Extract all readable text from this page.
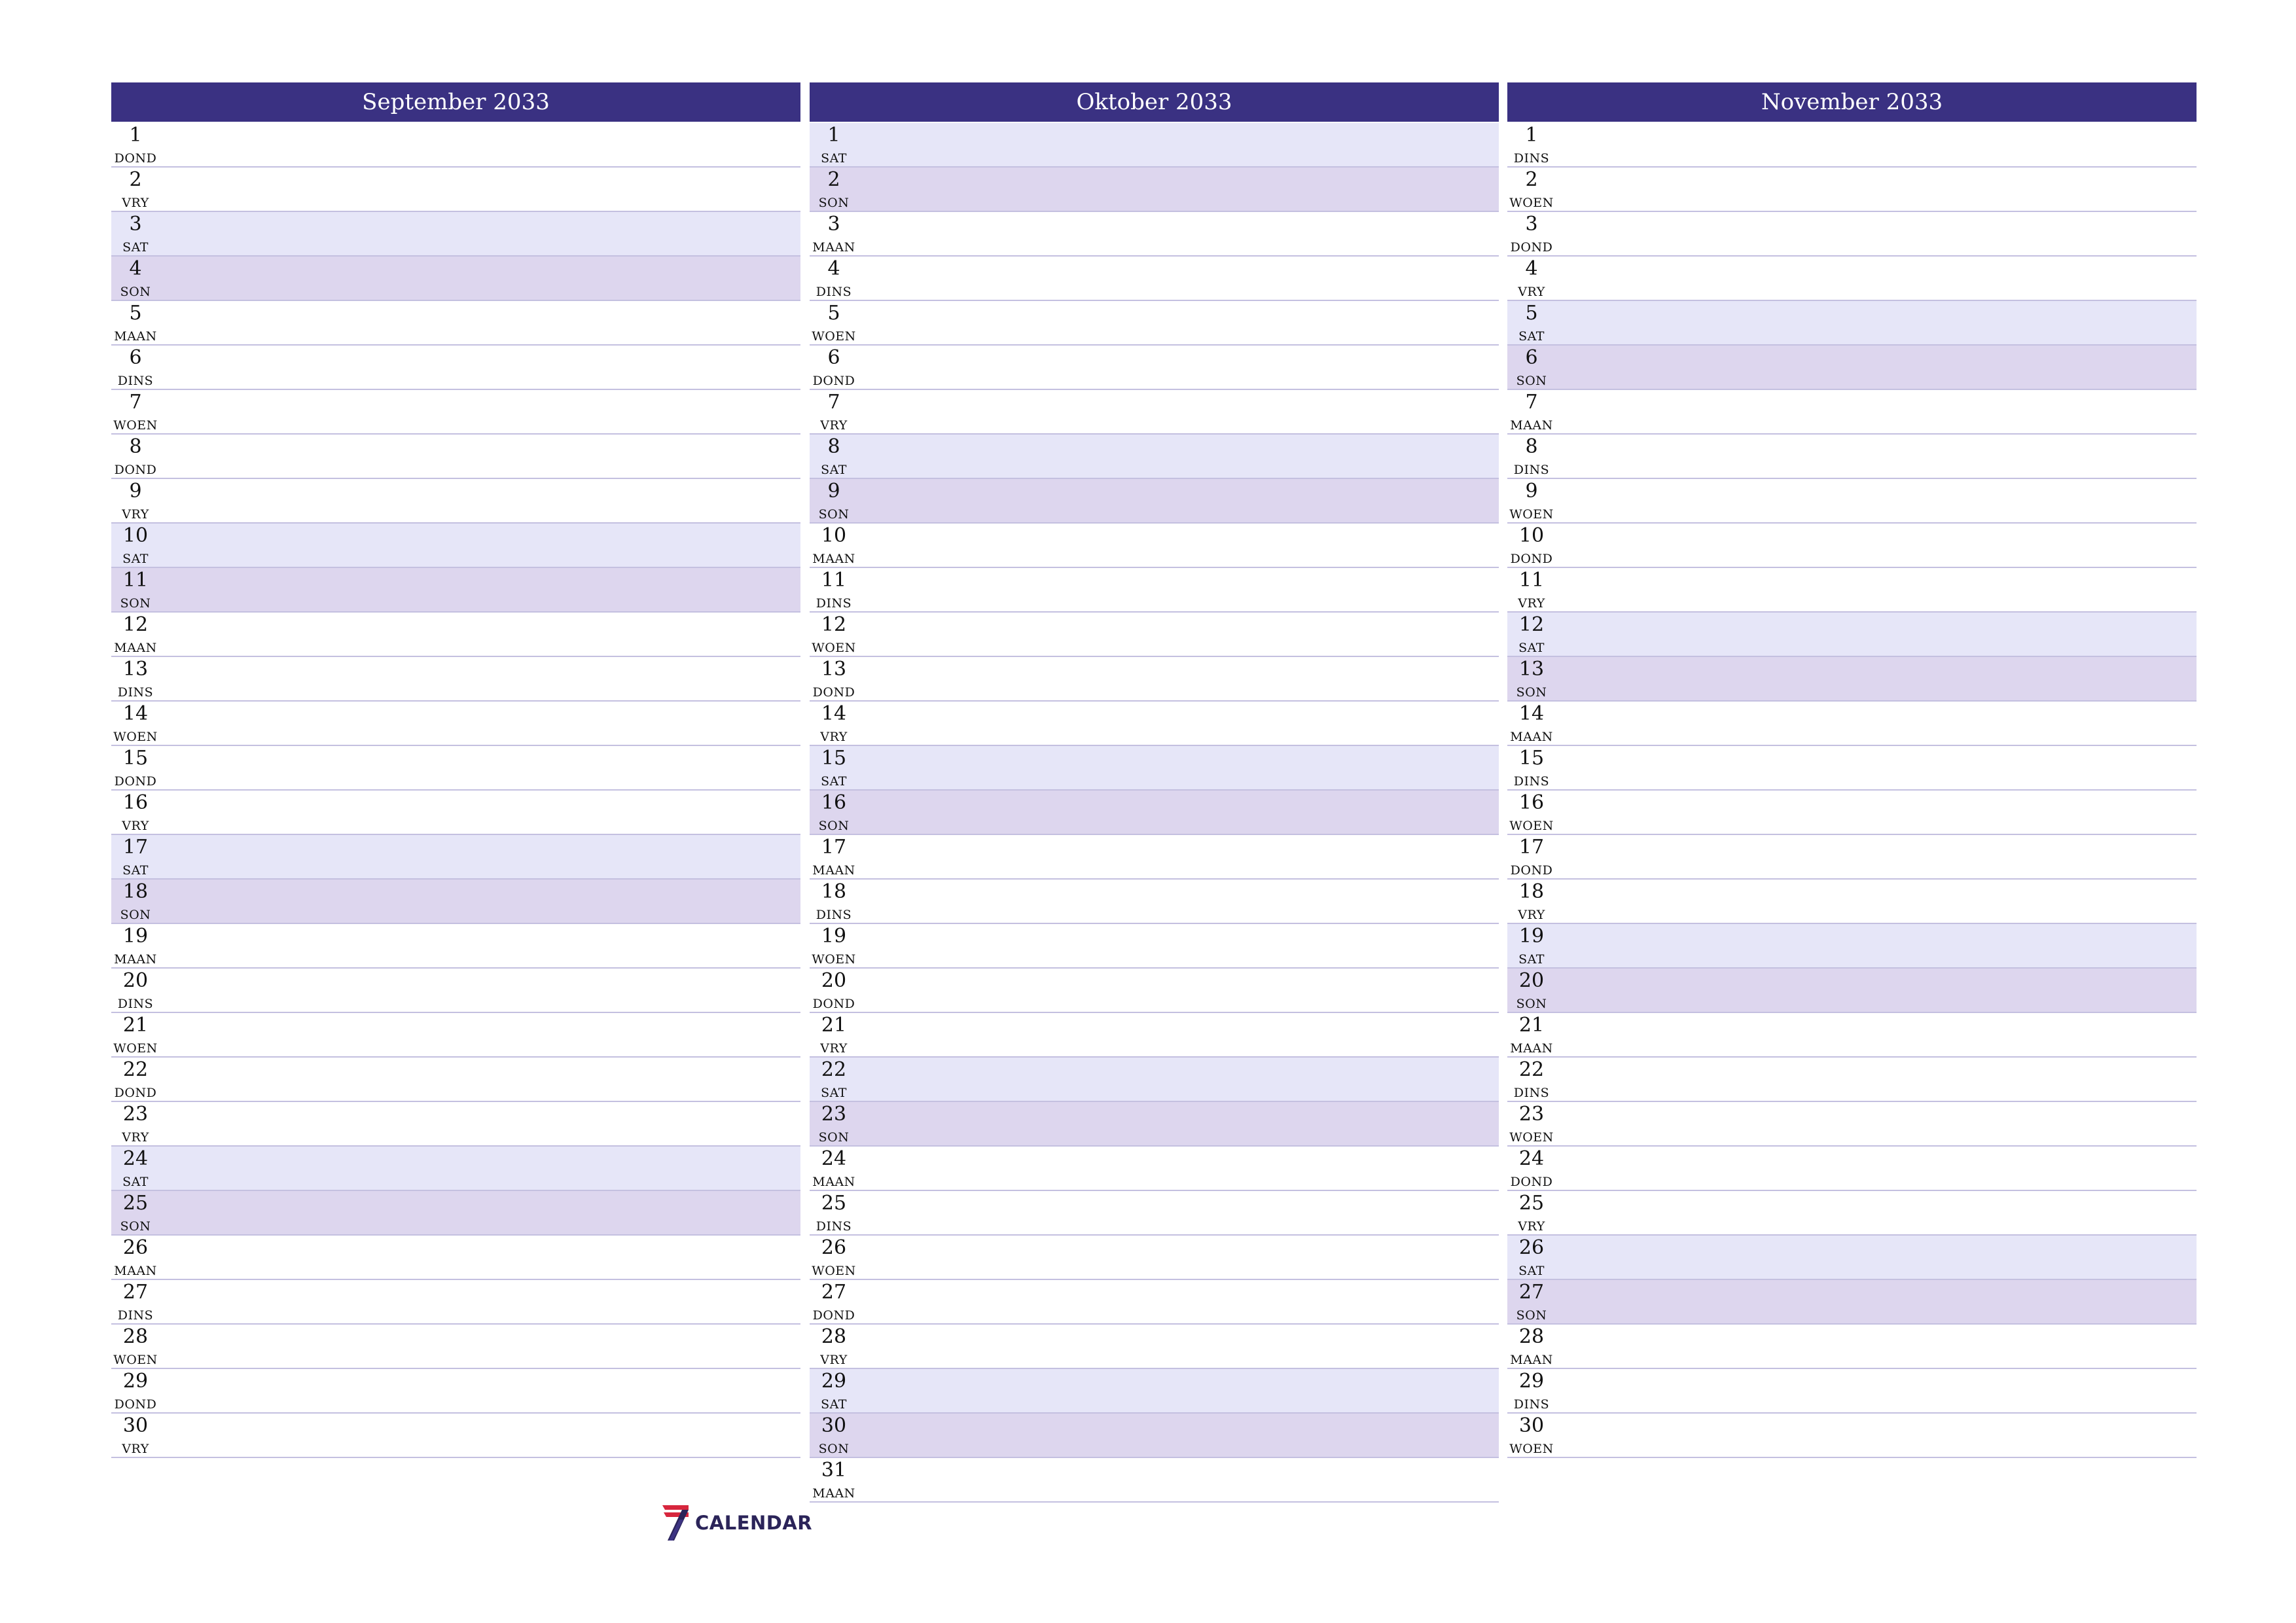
September 2033
1
DOND
2
VRY
3
SAT
4
SON
5
MAAN
6
DINS
7
WOEN
8
DOND
9
VRY
10
SAT
11
SON
12
MAAN
13
DINS
14
WOEN
15
DOND
16
VRY
17
SAT
18
SON
19
MAAN
20
DINS
21
WOEN
22
DOND
23
VRY
24
SAT
25
SON
26
MAAN
27
DINS
28
WOEN
29
DOND
30
VRY
Oktober 2033
1
SAT
2
SON
3
MAAN
4
DINS
5
WOEN
6
DOND
7
VRY
8
SAT
9
SON
10
MAAN
11
DINS
12
WOEN
13
DOND
14
VRY
15
SAT
16
SON
17
MAAN
18
DINS
19
WOEN
20
DOND
21
VRY
22
SAT
23
SON
24
MAAN
25
DINS
26
WOEN
27
DOND
28
VRY
29
SAT
30
SON
31
MAAN
November 2033
1
DINS
2
WOEN
3
DOND
4
VRY
5
SAT
6
SON
7
MAAN
8
DINS
9
WOEN
10
DOND
11
VRY
12
SAT
13
SON
14
MAAN
15
DINS
16
WOEN
17
DOND
18
VRY
19
SAT
20
SON
21
MAAN
22
DINS
23
WOEN
24
DOND
25
VRY
26
SAT
27
SON
28
MAAN
29
DINS
30
WOEN
CALENDAR
